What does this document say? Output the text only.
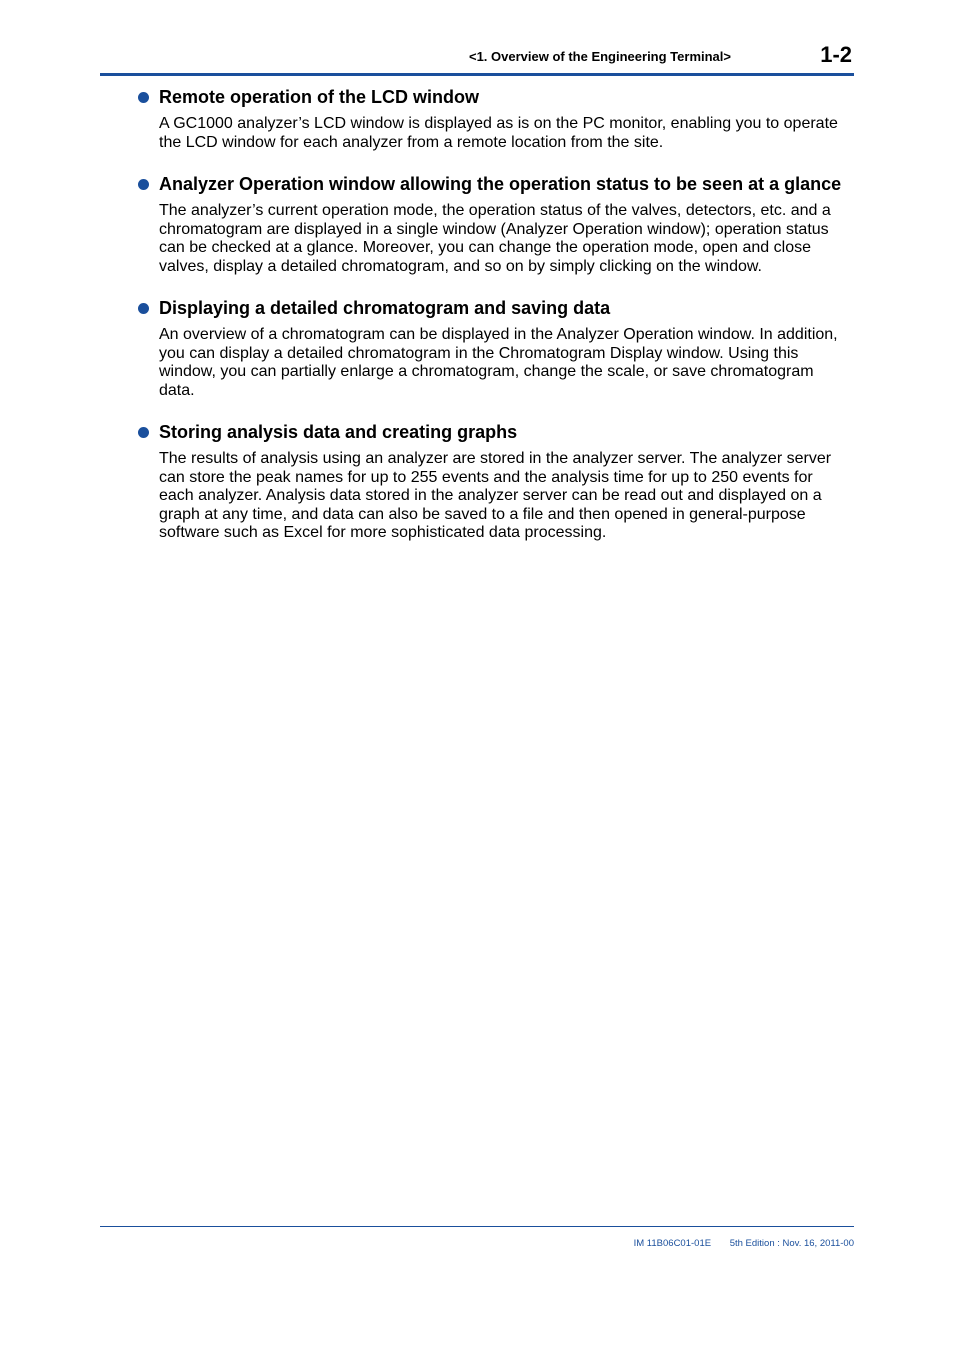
<1. Overview of the Engineering Terminal>	1-2
Remote operation of the LCD window

A GC1000 analyzer’s LCD window is displayed as is on the PC monitor, enabling you to operate the LCD window for each analyzer from a remote location from the site.

Analyzer Operation window allowing the operation status to be seen at a glance

The analyzer’s current operation mode, the operation status of the valves, detectors, etc. and a chromatogram are displayed in a single window (Analyzer Operation window); operation status can be checked at a glance. Moreover, you can change the operation mode, open and close valves, display a detailed chromatogram, and so on by simply clicking on the window.

Displaying a detailed chromatogram and saving data

An overview of a chromatogram can be displayed in the Analyzer Operation window. In addition, you can display a detailed chromatogram in the Chromatogram Display window. Using this window, you can partially enlarge a chromatogram, change the scale, or save chromatogram data.

Storing analysis data and creating graphs

The results of analysis using an analyzer are stored in the analyzer server. The analyzer server can store the peak names for up to 255 events and the analysis time for up to 250 events for each analyzer. Analysis data stored in the analyzer server can be read out and displayed on a graph at any time, and data can also be saved to a file and then opened in general-purpose software such as Excel for more sophisticated data processing.

IM 11B06C01-01E 5th Edition : Nov. 16, 2011-00
